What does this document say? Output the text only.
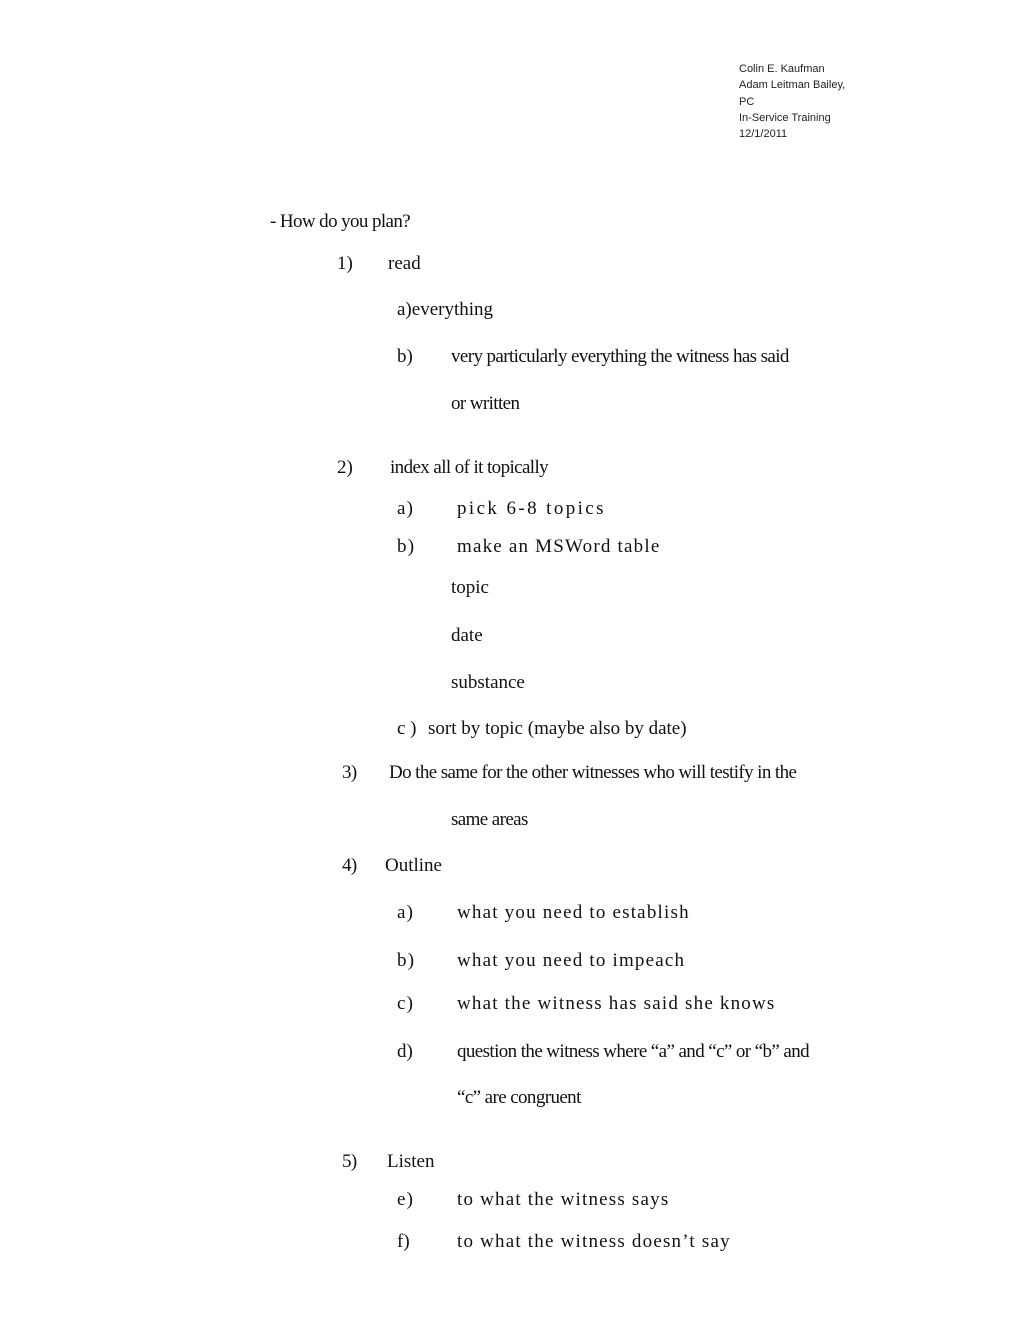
Colin E. Kaufman
Adam Leitman Bailey,
PC
In-Service Training
12/1/2011
- How do you plan?
1) read
a)everything
b) very particularly everything the witness has said
or written
2) index all of it topically
a) pick 6-8 topics
b) make an MSWord table
topic
date
substance
c ) sort by topic (maybe also by date)
3) Do the same for the other witnesses who will testify in the
same areas
4) Outline
a) what you need to establish
b) what you need to impeach
c) what the witness has said she knows
d) question the witness where “a” and “c” or “b” and
“c” are congruent
5) Listen
e) to what the witness says
f) to what the witness doesn’t say
